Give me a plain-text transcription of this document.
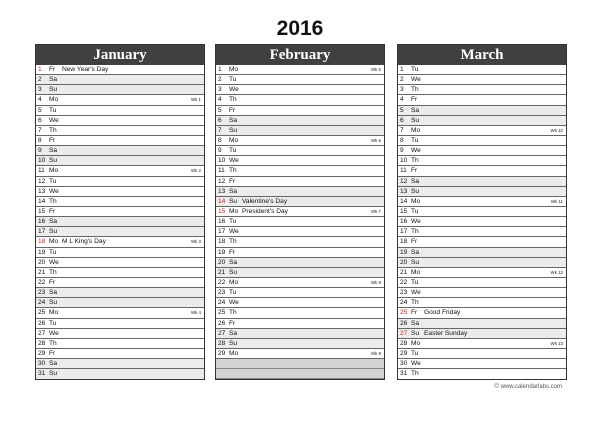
2016
January
1 Fr New Year's Day
2 Sa
3 Su
4 Mo	Wk 1
5 Tu
6 We
7 Th
8 Fr
9 Sa
10 Su
11 Mo	Wk 2
12 Tu
13 We
14 Th
15 Fr
16 Sa
17 Su
18 Mo M L King's Day	Wk 3
19 Tu
20 We
21 Th
22 Fr
23 Sa
24 Su
25 Mo	Wk 4
26 Tu
27 We
28 Th
29 Fr
30 Sa
31 Su
February
1 Mo	Wk 5
2 Tu
3 We
4 Th
5 Fr
6 Sa
7 Su
8 Mo	Wk 6
9 Tu
10 We
11 Th
12 Fr
13 Sa
14 Su Valentine's Day
15 Mo President's Day	Wk 7
16 Tu
17 We
18 Th
19 Fr
20 Sa
21 Su
22 Mo	Wk 8
23 Tu
24 We
25 Th
26 Fr
27 Sa
28 Su
29 Mo	Wk 9
March
1 Tu
2 We
3 Th
4 Fr
5 Sa
6 Su
7 Mo	Wk 10
8 Tu
9 We
10 Th
11 Fr
12 Sa
13 Su
14 Mo	Wk 11
15 Tu
16 We
17 Th
18 Fr
19 Sa
20 Su
21 Mo	Wk 12
22 Tu
23 We
24 Th
25 Fr Good Friday
26 Sa
27 Su Easter Sunday
28 Mo	Wk 13
29 Tu
30 We
31 Th
© www.calendarlabs.com
